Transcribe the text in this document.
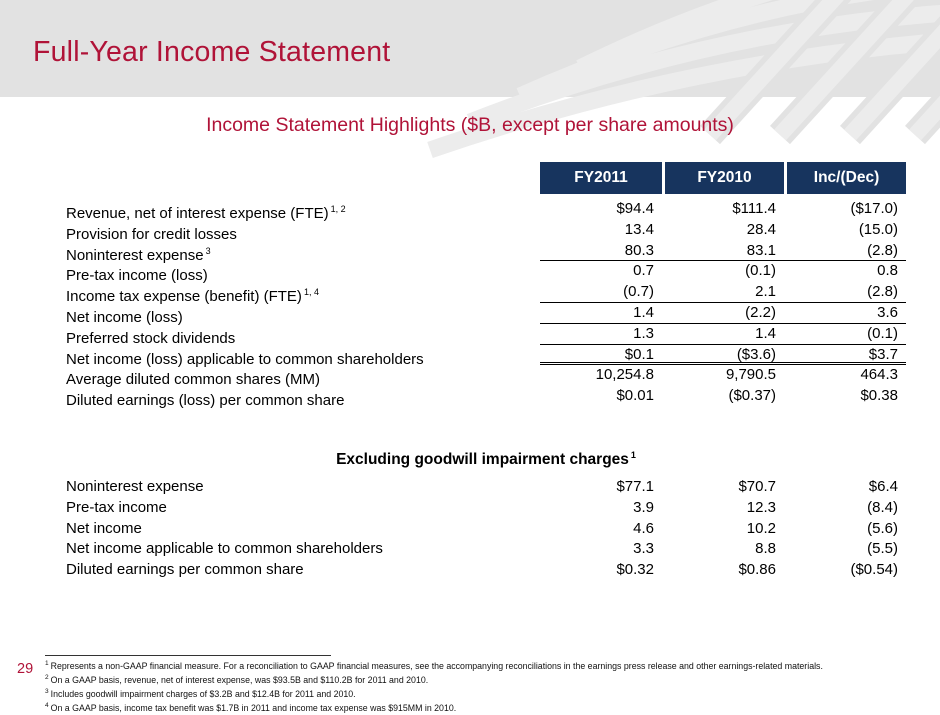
Full-Year Income Statement
Income Statement Highlights ($B, except per share amounts)
FY2011	FY2010	Inc/(Dec)
Revenue, net of interest expense (FTE) $^{1, 2}$	$94.4	$111.4	($17.0)
Provision for credit losses	13.4	28.4	(15.0)
Noninterest expense $^3$	80.3	83.1	(2.8)
Pre-tax income (loss)	0.7	(0.1)	0.8
Income tax expense (benefit) (FTE) $^{1, 4}$	(0.7)	2.1	(2.8)
Net income (loss)	1.4	(2.2)	3.6
Preferred stock dividends	1.3	1.4	(0.1)
Net income (loss) applicable to common shareholders	$0.1	($3.6)	$3.7
Average diluted common shares (MM)	10,254.8	9,790.5	464.3
Diluted earnings (loss) per common share	$0.01	($0.37)	$0.38
Excluding goodwill impairment charges $^1$
Noninterest expense	$77.1	$70.7	$6.4
Pre-tax income	3.9	12.3	(8.4)
Net income	4.6	10.2	(5.6)
Net income applicable to common shareholders	3.3	8.8	(5.5)
Diluted earnings per common share	$0.32	$0.86	($0.54)
$^1$ Represents a non-GAAP financial measure. For a reconciliation to GAAP financial measures, see the accompanying reconciliations in the earnings press release and other earnings-related materials.
$^2$ On a GAAP basis, revenue, net of interest expense, was $93.5B and $110.2B for 2011 and 2010.
$^3$ Includes goodwill impairment charges of $3.2B and $12.4B for 2011 and 2010.
$^4$ On a GAAP basis, income tax benefit was $1.7B in 2011 and income tax expense was $915MM in 2010.
29
